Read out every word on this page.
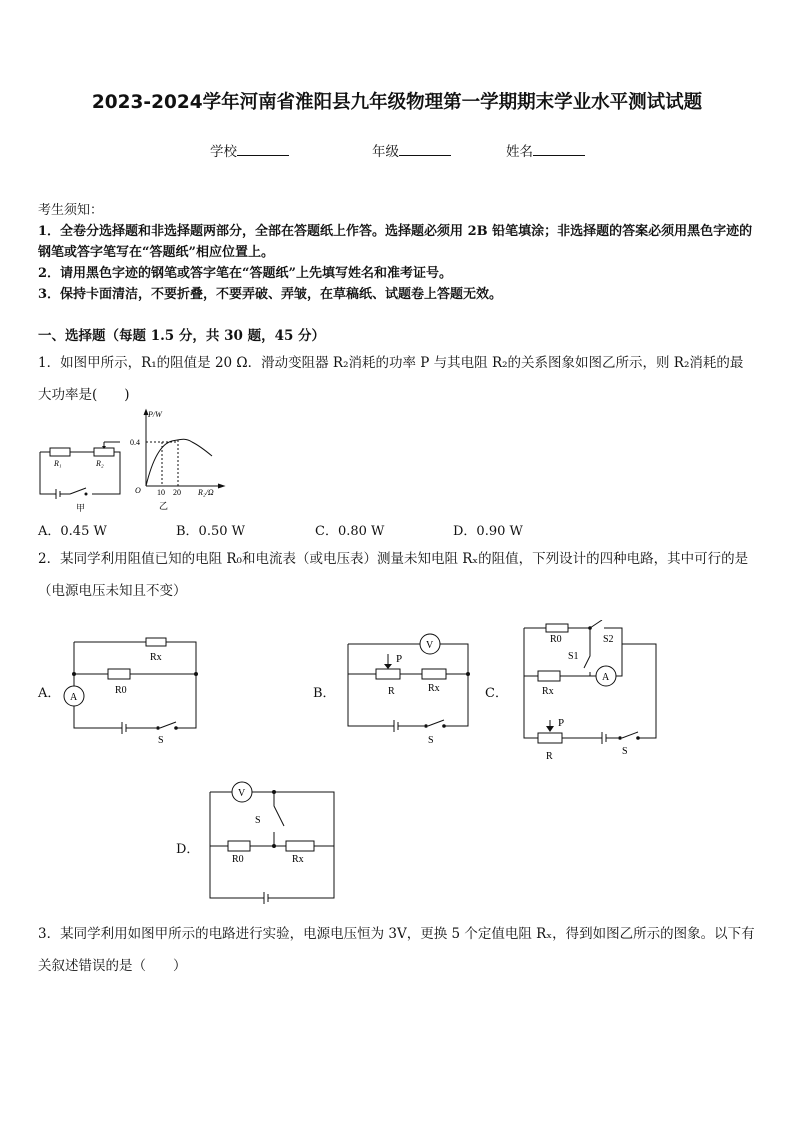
2023-2024学年河南省淮阳县九年级物理第一学期期末学业水平测试试题
学校	年级	姓名
考生须知：
1．全卷分选择题和非选择题两部分，全部在答题纸上作答。选择题必须用 2B 铅笔填涂；非选择题的答案必须用黑色字迹的钢笔或答字笔写在“答题纸”相应位置上。
2．请用黑色字迹的钢笔或答字笔在“答题纸”上先填写姓名和准考证号。
3．保持卡面清洁，不要折叠，不要弄破、弄皱，在草稿纸、试题卷上答题无效。
一、选择题（每题 1.5 分，共 30 题，45 分）
1．如图甲所示，R₁的阻值是 20 Ω．滑动变阻器 R₂消耗的功率 P 与其电阻 R₂的关系图象如图乙所示，则 R₂消耗的最大功率是(　　)
R₁	R₂
甲
P/W
0.4
O 10 20 R₂/Ω
乙
A．0.45 W	B．0.50 W	C．0.80 W	D．0.90 W
2．某同学利用阻值已知的电阻 R₀和电流表（或电压表）测量未知电阻 Rₓ的阻值，下列设计的四种电路，其中可行的是（电源电压未知且不变）
A．
Rx
R0
A
S
B．
V
P
R	Rx
S
C．
R0	S2
S1
Rx
A
P
R	S
D．
V
S
R0	Rx
3．某同学利用如图甲所示的电路进行实验，电源电压恒为 3V，更换 5 个定值电阻 Rₓ，得到如图乙所示的图象。以下有关叙述错误的是（　　）
